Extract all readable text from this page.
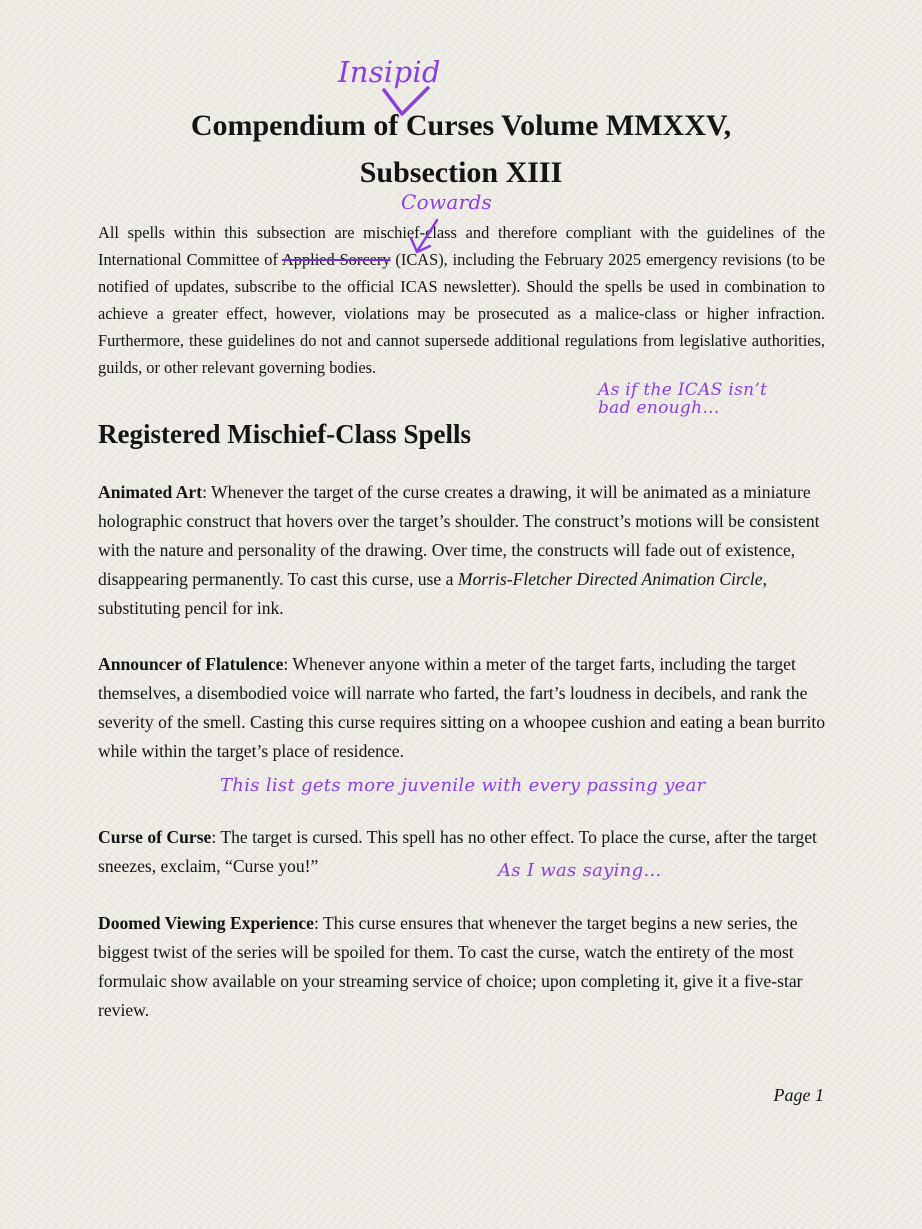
Compendium of Curses Volume MMXXV,
Subsection XIII

All spells within this subsection are mischief-class and therefore compliant with the guidelines of the International Committee of Applied Sorcery (ICAS), including the February 2025 emergency revisions (to be notified of updates, subscribe to the official ICAS newsletter). Should the spells be used in combination to achieve a greater effect, however, violations may be prosecuted as a malice-class or higher infraction. Furthermore, these guidelines do not and cannot supersede additional regulations from legislative authorities, guilds, or other relevant governing bodies.

Registered Mischief-Class Spells

Animated Art: Whenever the target of the curse creates a drawing, it will be animated as a miniature holographic construct that hovers over the target’s shoulder. The construct’s motions will be consistent with the nature and personality of the drawing. Over time, the constructs will fade out of existence, disappearing permanently. To cast this curse, use a Morris-Fletcher Directed Animation Circle, substituting pencil for ink.

Announcer of Flatulence: Whenever anyone within a meter of the target farts, including the target themselves, a disembodied voice will narrate who farted, the fart’s loudness in decibels, and rank the severity of the smell. Casting this curse requires sitting on a whoopee cushion and eating a bean burrito while within the target’s place of residence.

Curse of Curse: The target is cursed. This spell has no other effect. To place the curse, after the target sneezes, exclaim, “Curse you!”

Doomed Viewing Experience: This curse ensures that whenever the target begins a new series, the biggest twist of the series will be spoiled for them. To cast the curse, watch the entirety of the most formulaic show available on your streaming service of choice; upon completing it, give it a five-star review.

Page 1
Insipid
Cowards
As if the ICAS isn’t
bad enough…
This list gets more juvenile with every passing year
As I was saying…
